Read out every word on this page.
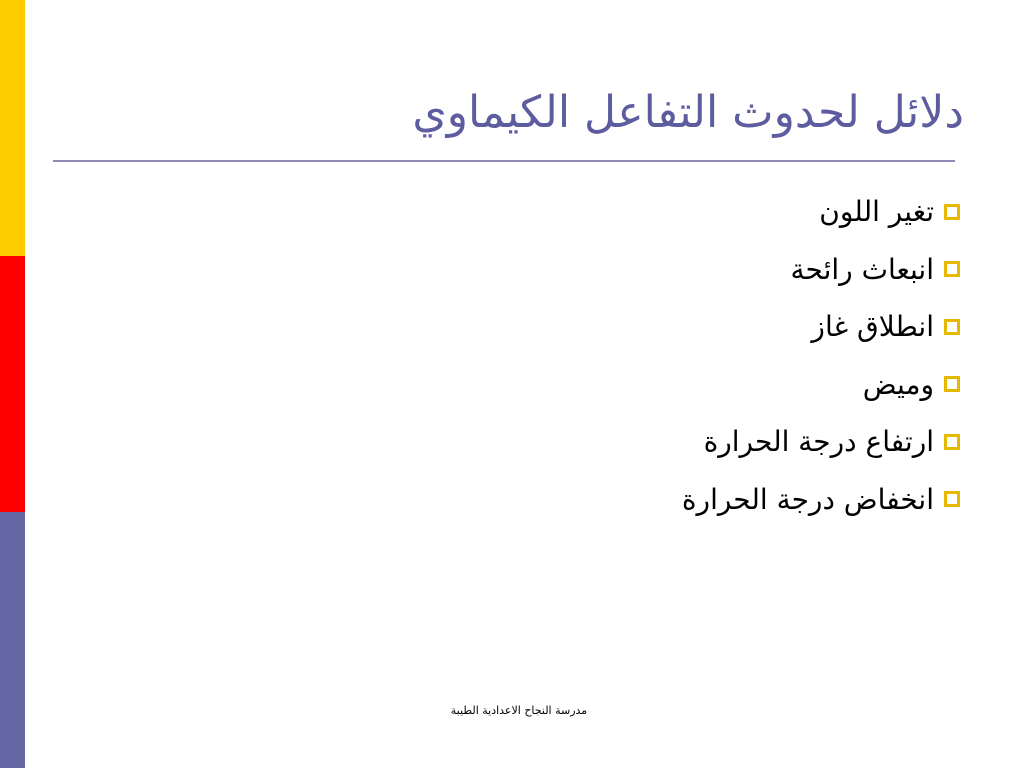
دلائل لحدوث التفاعل الكيماوي
تغير اللون
انبعاث رائحة
انطلاق غاز
وميض
ارتفاع درجة الحرارة
انخفاض درجة الحرارة
مدرسة النجاح الاعدادية الطيبة
